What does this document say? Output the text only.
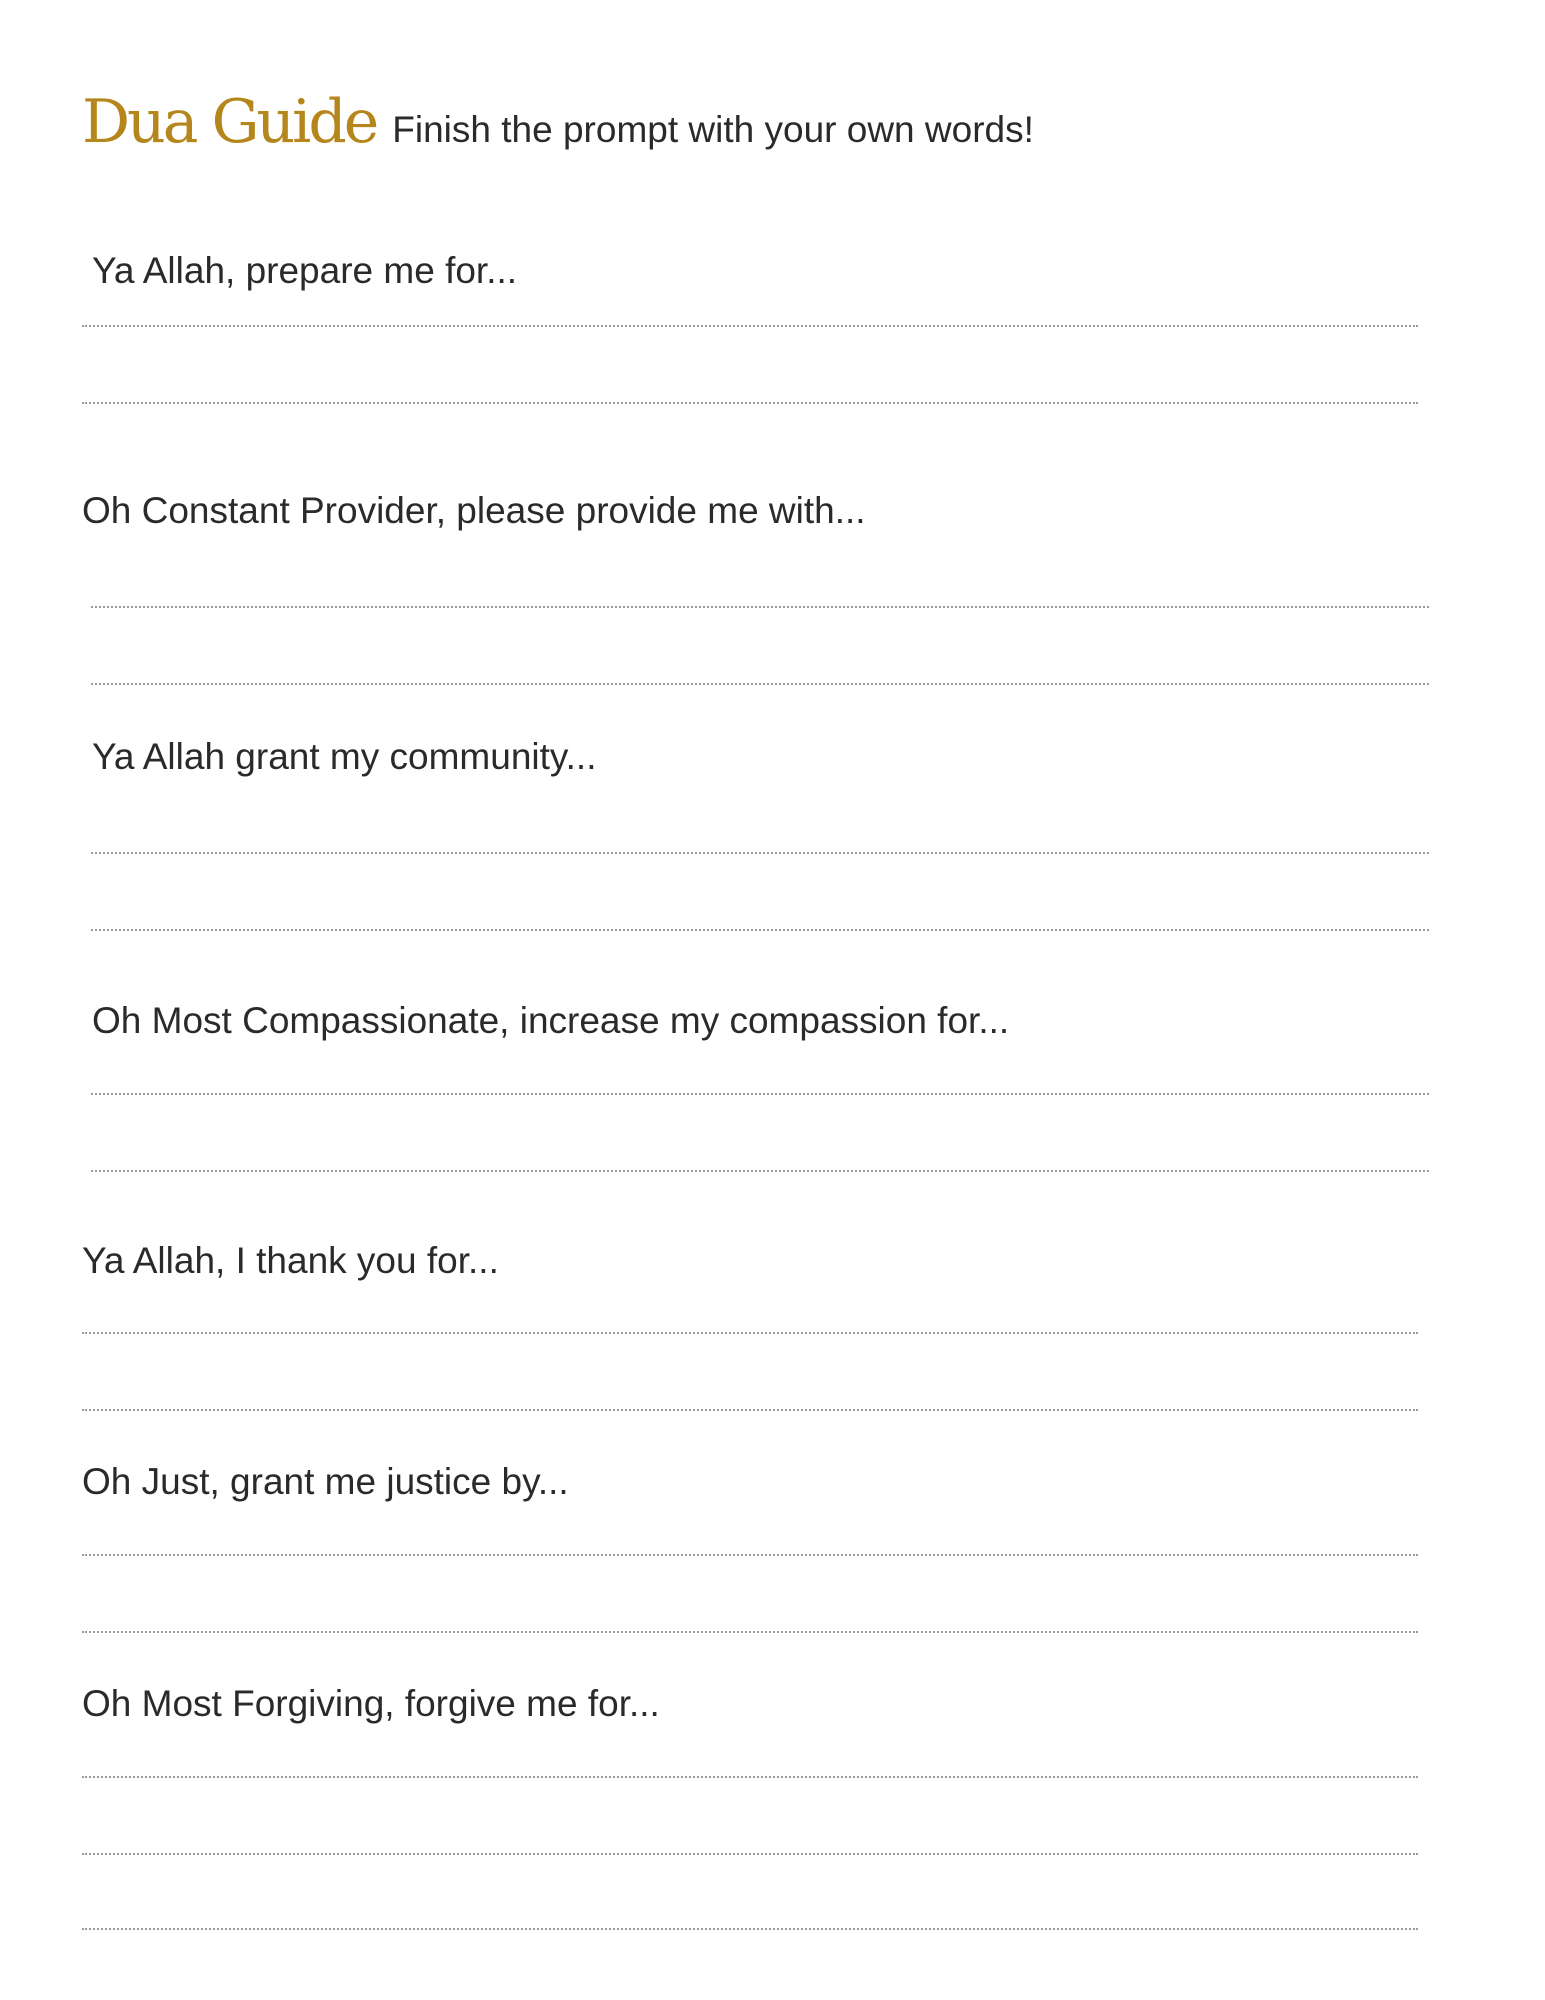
Dua Guide Finish the prompt with your own words!
Ya Allah, prepare me for...
Oh Constant Provider, please provide me with...
Ya Allah grant my community...
Oh Most Compassionate, increase my compassion for...
Ya Allah, I thank you for...
Oh Just, grant me justice by...
Oh Most Forgiving, forgive me for...
